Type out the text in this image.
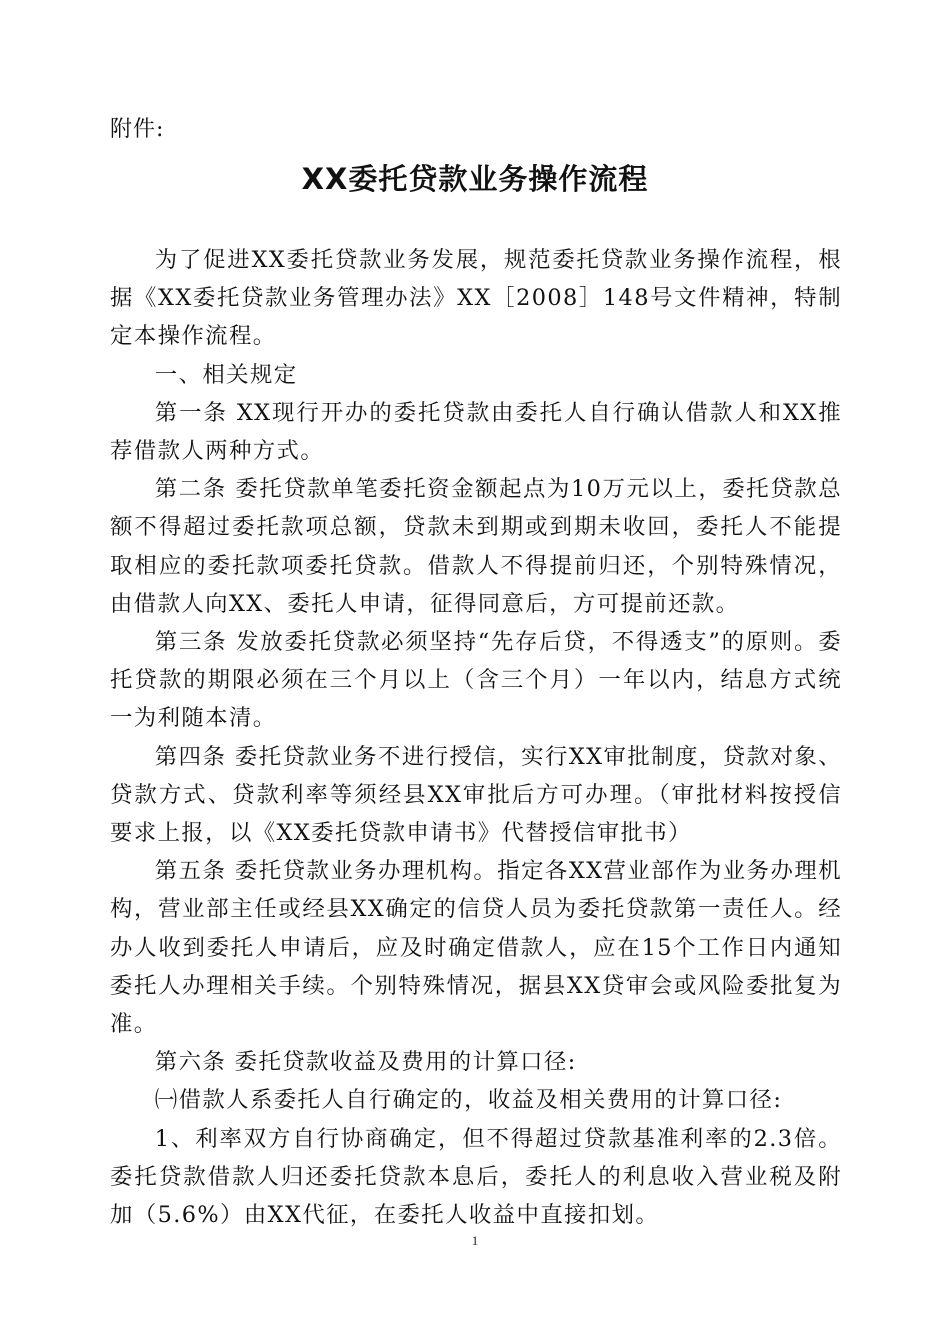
附件:
XX委托贷款业务操作流程

为了促进XX委托贷款业务发展，规范委托贷款业务操作流程，根据《XX委托贷款业务管理办法》XX［2008］148号文件精神，特制定本操作流程。

一、相关规定

第一条 XX现行开办的委托贷款由委托人自行确认借款人和XX推荐借款人两种方式。

第二条 委托贷款单笔委托资金额起点为10万元以上，委托贷款总额不得超过委托款项总额，贷款未到期或到期未收回，委托人不能提取相应的委托款项委托贷款。借款人不得提前归还，个别特殊情况，由借款人向XX、委托人申请，征得同意后，方可提前还款。

第三条 发放委托贷款必须坚持“先存后贷，不得透支”的原则。委托贷款的期限必须在三个月以上（含三个月）一年以内，结息方式统一为利随本清。

第四条 委托贷款业务不进行授信，实行XX审批制度，贷款对象、贷款方式、贷款利率等须经县XX审批后方可办理。（审批材料按授信要求上报，以《XX委托贷款申请书》代替授信审批书）

第五条 委托贷款业务办理机构。指定各XX营业部作为业务办理机构，营业部主任或经县XX确定的信贷人员为委托贷款第一责任人。经办人收到委托人申请后，应及时确定借款人，应在15个工作日内通知委托人办理相关手续。个别特殊情况，据县XX贷审会或风险委批复为准。

第六条 委托贷款收益及费用的计算口径:

㈠借款人系委托人自行确定的，收益及相关费用的计算口径:

1、利率双方自行协商确定，但不得超过贷款基准利率的2.3倍。委托贷款借款人归还委托贷款本息后，委托人的利息收入营业税及附加（5.6%）由XX代征，在委托人收益中直接扣划。

1
